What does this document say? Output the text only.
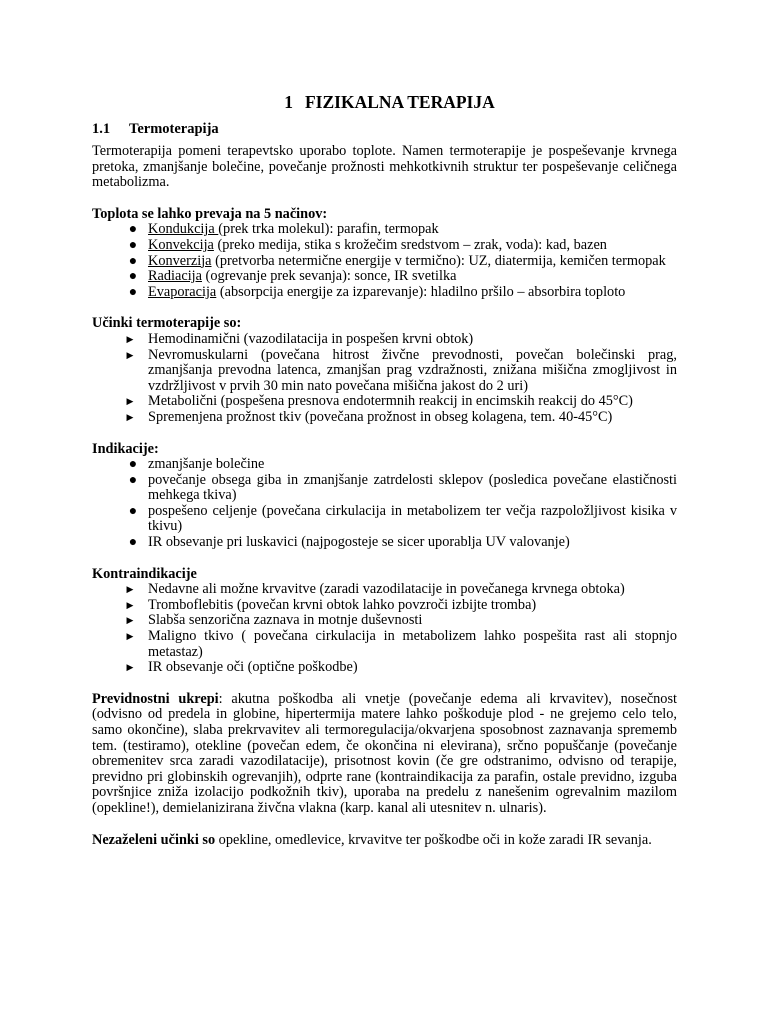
1 FIZIKALNA TERAPIJA
1.1 Termoterapija

Termoterapija pomeni terapevtsko uporabo toplote. Namen termoterapije je pospeševanje krvnega pretoka, zmanjšanje bolečine, povečanje prožnosti mehkotkivnih struktur ter pospeševanje celičnega metabolizma.

Toplota se lahko prevaja na 5 načinov:
● Kondukcija (prek trka molekul): parafin, termopak
● Konvekcija (preko medija, stika s krožečim sredstvom – zrak, voda): kad, bazen
● Konverzija (pretvorba netermične energije v termično): UZ, diatermija, kemičen termopak
● Radiacija (ogrevanje prek sevanja): sonce, IR svetilka
● Evaporacija (absorpcija energije za izparevanje): hladilno pršilo – absorbira toploto
Učinki termoterapije so:
▶	Hemodinamični (vazodilatacija in pospešen krvni obtok)
▶	Nevromuskularni (povečana hitrost živčne prevodnosti, povečan bolečinski prag, zmanjšanja prevodna latenca, zmanjšan prag vzdražnosti, znižana mišična zmogljivost in vzdržljivost v prvih 30 min nato povečana mišična jakost do 2 uri)
▶	Metabolični (pospešena presnova endotermnih reakcij in encimskih reakcij do 45°C)
▶	Spremenjena prožnost tkiv (povečana prožnost in obseg kolagena, tem. 40-45°C)
Indikacije:
● zmanjšanje bolečine
● povečanje obsega giba in zmanjšanje zatrdelosti sklepov (posledica povečane elastičnosti mehkega tkiva)
● pospešeno celjenje (povečana cirkulacija in metabolizem ter večja razpoložljivost kisika v tkivu)
● IR obsevanje pri luskavici (najpogosteje se sicer uporablja UV valovanje)
Kontraindikacije
▶	Nedavne ali možne krvavitve (zaradi vazodilatacije in povečanega krvnega obtoka)
▶	Tromboflebitis (povečan krvni obtok lahko povzroči izbijte tromba)
▶	Slabša senzorična zaznava in motnje duševnosti
▶	Maligno tkivo ( povečana cirkulacija in metabolizem lahko pospešita rast ali stopnjo metastaz)
▶	IR obsevanje oči (optične poškodbe)

Previdnostni ukrepi: akutna poškodba ali vnetje (povečanje edema ali krvavitev), nosečnost (odvisno od predela in globine, hipertermija matere lahko poškoduje plod - ne grejemo celo telo, samo okončine), slaba prekrvavitev ali termoregulacija/okvarjena sposobnost zaznavanja sprememb tem. (testiramo), otekline (povečan edem, če okončina ni elevirana), srčno popuščanje (povečanje obremenitev srca zaradi vazodilatacije), prisotnost kovin (če gre odstranimo, odvisno od terapije, previdno pri globinskih ogrevanjih), odprte rane (kontraindikacija za parafin, ostale previdno, izguba površnjice zniža izolacijo podkožnih tkiv), uporaba na predelu z nanešenim ogrevalnim mazilom (opekline!), demielanizirana živčna vlakna (karp. kanal ali utesnitev n. ulnaris).

Nezaželeni učinki so opekline, omedlevice, krvavitve ter poškodbe oči in kože zaradi IR sevanja.
